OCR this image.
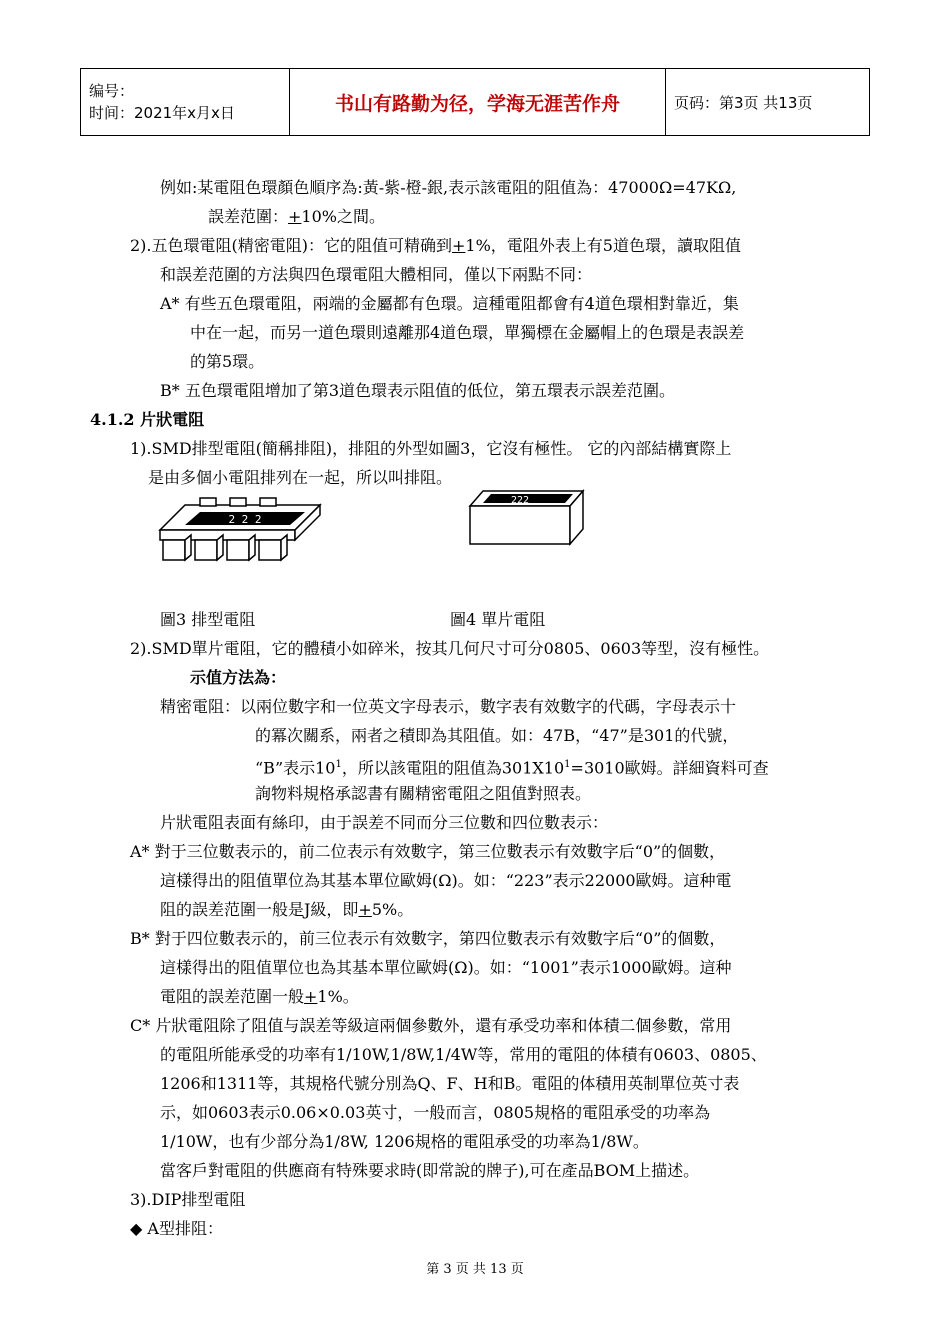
编号：
时间：2021年x月x日	书山有路勤为径，学海无涯苦作舟	页码：第3页 共13页
例如:某電阻色環顏色順序為:黃-紫-橙-銀,表示該電阻的阻值為：47000Ω=47KΩ,
誤差范圍：+10%之間。
2).五色環電阻(精密電阻)：它的阻值可精确到+1%，電阻外表上有5道色環，讀取阻值
和誤差范圍的方法與四色環電阻大體相同，僅以下兩點不同：
A* 有些五色環電阻，兩端的金屬都有色環。這種電阻都會有4道色環相對靠近，集
中在一起，而另一道色環則遠離那4道色環，單獨標在金屬帽上的色環是表誤差
的第5環。
B* 五色環電阻增加了第3道色環表示阻值的低位，第五環表示誤差范圍。
4.1.2 片狀電阻
1).SMD排型電阻(簡稱排阻)，排阻的外型如圖3，它沒有極性。 它的內部結構實際上
是由多個小電阻排列在一起，所以叫排阻。
2 2 2
222
圖3 排型電阻	圖4 單片電阻
2).SMD單片電阻，它的體積小如碎米，按其几何尺寸可分0805、0603等型，沒有極性。
示值方法為：
精密電阻：以兩位數字和一位英文字母表示，數字表有效數字的代碼，字母表示十
的冪次關系，兩者之積即為其阻值。如：47B，“47”是301的代號，
“B”表示$10^1$，所以該電阻的阻值為$301X10^1=3010$歐姆。詳細資料可查
詢物料規格承認書有關精密電阻之阻值對照表。
片狀電阻表面有絲印，由于誤差不同而分三位數和四位數表示：
A* 對于三位數表示的，前二位表示有效數字，第三位數表示有效數字后“0”的個數，
這樣得出的阻值單位為其基本單位歐姆(Ω)。如：“223”表示22000歐姆。這种電
阻的誤差范圍一般是J級，即+5%。
B* 對于四位數表示的，前三位表示有效數字，第四位數表示有效數字后“0”的個數，
這樣得出的阻值單位也為其基本單位歐姆(Ω)。如：“1001”表示1000歐姆。這种
電阻的誤差范圍一般+1%。
C* 片狀電阻除了阻值与誤差等級這兩個參數外，還有承受功率和体積二個參數，常用
的電阻所能承受的功率有1/10W,1/8W,1/4W等，常用的電阻的体積有0603、0805、
1206和1311等，其規格代號分別為Q、F、H和B。電阻的体積用英制單位英寸表
示，如0603表示0.06×0.03英寸，一般而言，0805規格的電阻承受的功率為
1/10W，也有少部分為1/8W, 1206規格的電阻承受的功率為1/8W。
當客戶對電阻的供應商有特殊要求時(即常說的牌子),可在產品BOM上描述。
3).DIP排型電阻
◆ A型排阻：
第 3 页 共 13 页
